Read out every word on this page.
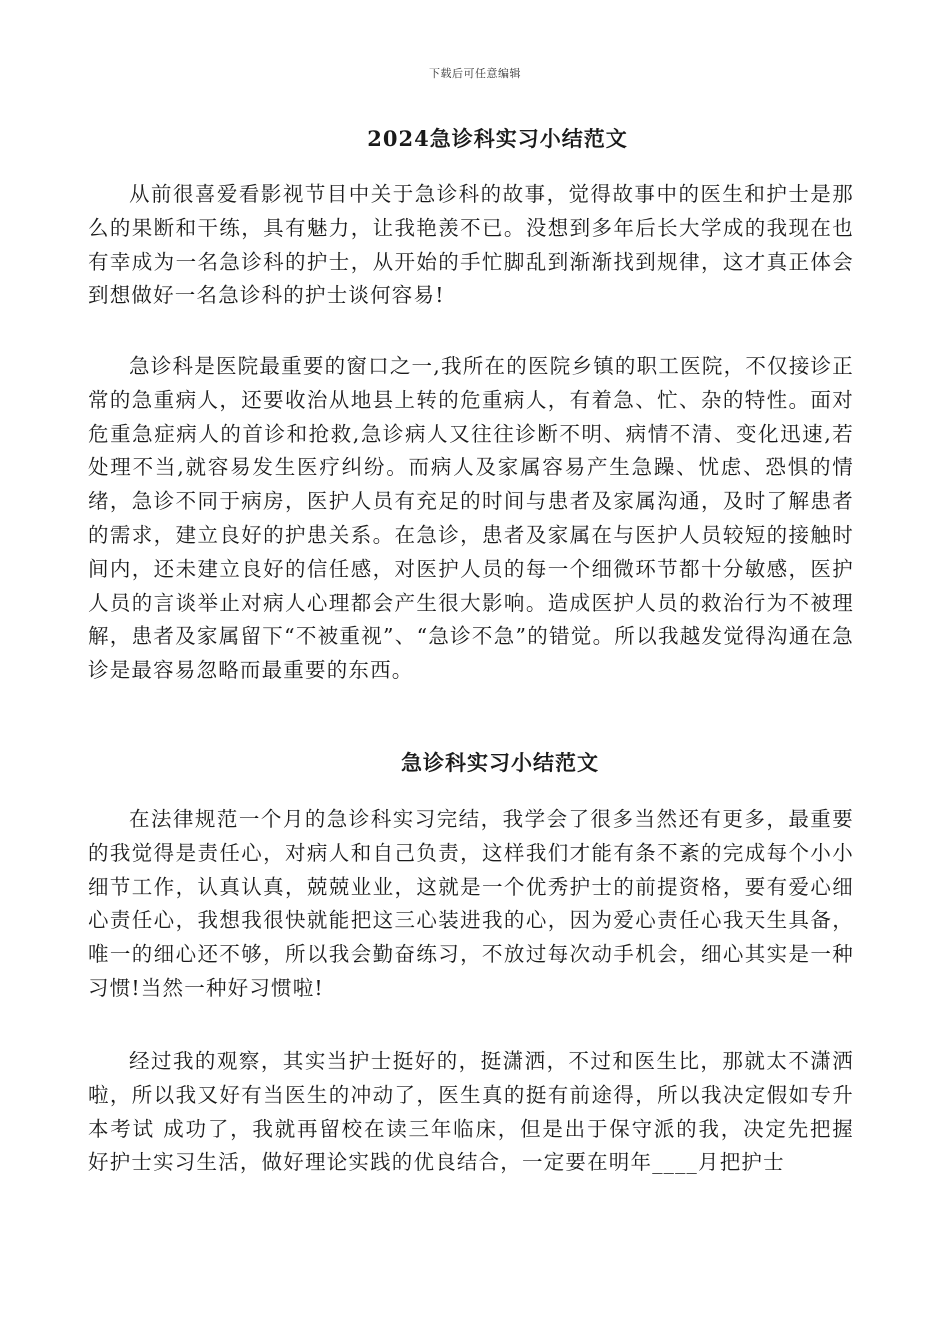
下载后可任意编辑
2024急诊科实习小结范文

从前很喜爱看影视节目中关于急诊科的故事，觉得故事中的医生和护士是那么的果断和干练，具有魅力，让我艳羡不已。没想到多年后长大学成的我现在也有幸成为一名急诊科的护士，从开始的手忙脚乱到渐渐找到规律，这才真正体会到想做好一名急诊科的护士谈何容易!

急诊科是医院最重要的窗口之一,我所在的医院乡镇的职工医院，不仅接诊正常的急重病人，还要收治从地县上转的危重病人，有着急、忙、杂的特性。面对危重急症病人的首诊和抢救,急诊病人又往往诊断不明、病情不清、变化迅速,若处理不当,就容易发生医疗纠纷。而病人及家属容易产生急躁、忧虑、恐惧的情绪，急诊不同于病房，医护人员有充足的时间与患者及家属沟通，及时了解患者的需求，建立良好的护患关系。在急诊，患者及家属在与医护人员较短的接触时间内，还未建立良好的信任感，对医护人员的每一个细微环节都十分敏感，医护人员的言谈举止对病人心理都会产生很大影响。造成医护人员的救治行为不被理解，患者及家属留下“不被重视”、“急诊不急”的错觉。所以我越发觉得沟通在急诊是最容易忽略而最重要的东西。

急诊科实习小结范文

在法律规范一个月的急诊科实习完结，我学会了很多当然还有更多，最重要的我觉得是责任心，对病人和自己负责，这样我们才能有条不紊的完成每个小小细节工作，认真认真，兢兢业业，这就是一个优秀护士的前提资格，要有爱心细心责任心，我想我很快就能把这三心装进我的心，因为爱心责任心我天生具备，唯一的细心还不够，所以我会勤奋练习，不放过每次动手机会，细心其实是一种习惯!当然一种好习惯啦!

经过我的观察，其实当护士挺好的，挺潇洒，不过和医生比，那就太不潇洒啦，所以我又好有当医生的冲动了，医生真的挺有前途得，所以我决定假如专升本考试 成功了，我就再留校在读三年临床，但是出于保守派的我，决定先把握好护士实习生活，做好理论实践的优良结合，一定要在明年____月把护士
